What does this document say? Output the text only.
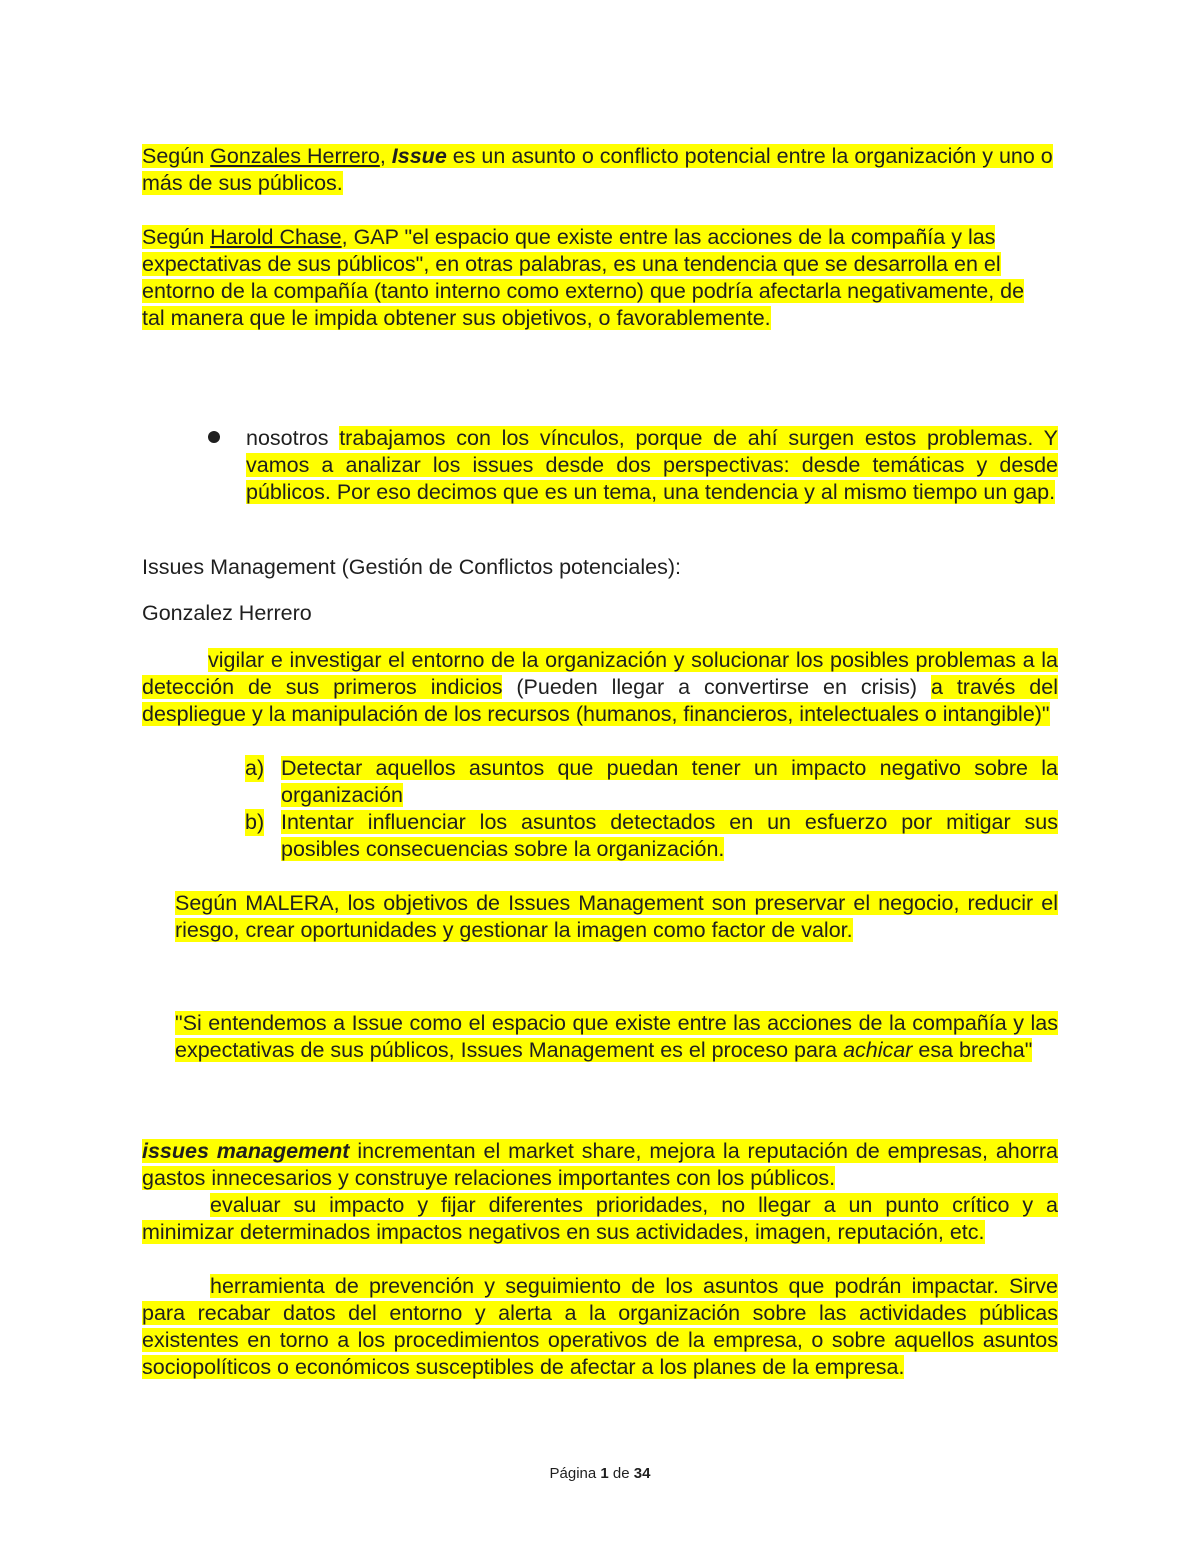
Según Gonzales Herrero, Issue es un asunto o conflicto potencial entre la organización y uno o más de sus públicos.
Según Harold Chase, GAP "el espacio que existe entre las acciones de la compañía y las expectativas de sus públicos", en otras palabras, es una tendencia que se desarrolla en el entorno de la compañía (tanto interno como externo) que podría afectarla negativamente, de tal manera que le impida obtener sus objetivos, o favorablemente.
nosotros trabajamos con los vínculos, porque de ahí surgen estos problemas. Y vamos a analizar los issues desde dos perspectivas: desde temáticas y desde públicos. Por eso decimos que es un tema, una tendencia y al mismo tiempo un gap.
Issues Management (Gestión de Conflictos potenciales):
Gonzalez Herrero
vigilar e investigar el entorno de la organización y solucionar los posibles problemas a la detección de sus primeros indicios (Pueden llegar a convertirse en crisis) a través del despliegue y la manipulación de los recursos (humanos, financieros, intelectuales o intangible)"
a) Detectar aquellos asuntos que puedan tener un impacto negativo sobre la organización
b) Intentar influenciar los asuntos detectados en un esfuerzo por mitigar sus posibles consecuencias sobre la organización.
Según MALERA, los objetivos de Issues Management son preservar el negocio, reducir el riesgo, crear oportunidades y gestionar la imagen como factor de valor.
"Si entendemos a Issue como el espacio que existe entre las acciones de la compañía y las expectativas de sus públicos, Issues Management es el proceso para achicar esa brecha"
issues management incrementan el market share, mejora la reputación de empresas, ahorra gastos innecesarios y construye relaciones importantes con los públicos.
evaluar su impacto y fijar diferentes prioridades, no llegar a un punto crítico y a minimizar determinados impactos negativos en sus actividades, imagen, reputación, etc.
herramienta de prevención y seguimiento de los asuntos que podrán impactar. Sirve para recabar datos del entorno y alerta a la organización sobre las actividades públicas existentes en torno a los procedimientos operativos de la empresa, o sobre aquellos asuntos sociopolíticos o económicos susceptibles de afectar a los planes de la empresa.
Página 1 de 34
